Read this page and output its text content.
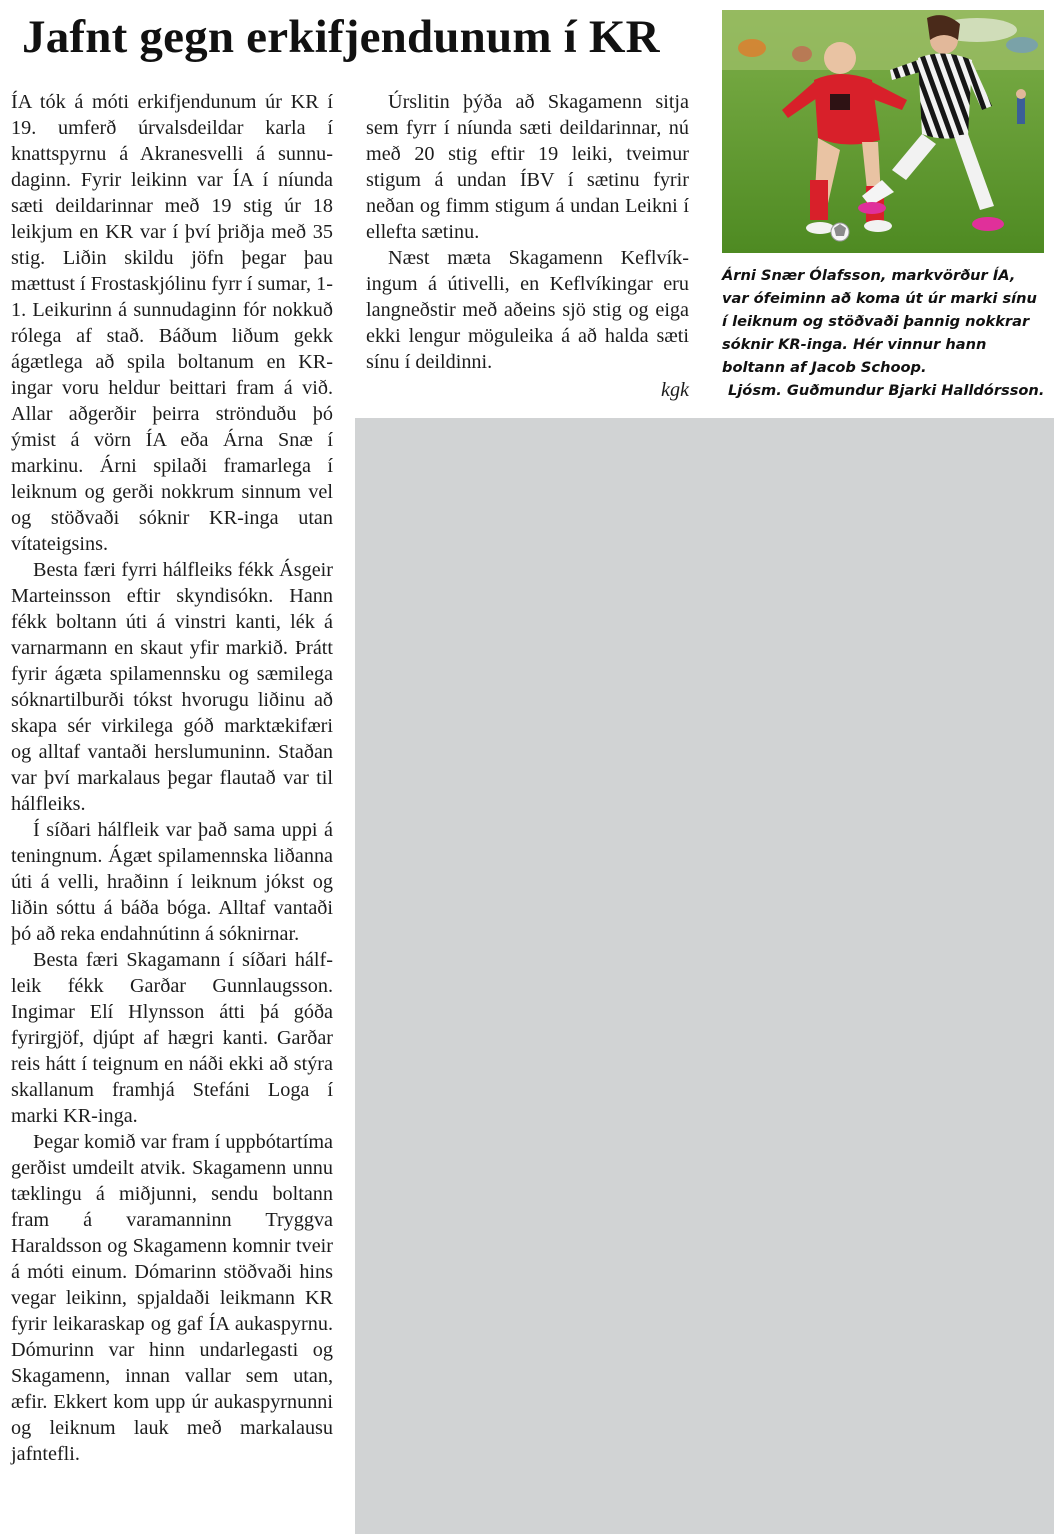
Jafnt gegn erkifjendunum í KR

ÍA tók á móti erkifjendunum úr KR í 19. umferð úrvalsdeildar karla í knattspyrnu á Akranesvelli á sunnudaginn. Fyrir leikinn var ÍA í níunda sæti deildarinnar með 19 stig úr 18 leikjum en KR var í því þriðja með 35 stig. Liðin skildu jöfn þegar þau mættust í Frostaskjólinu fyrr í sumar, 1-1. Leikurinn á sunnudaginn fór nokkuð rólega af stað. Báðum liðum gekk ágætlega að spila boltanum en KR-ingar voru heldur beittari fram á við. Allar aðgerðir þeirra strönduðu þó ýmist á vörn ÍA eða Árna Snæ í markinu. Árni spilaði framarlega í leiknum og gerði nokkrum sinnum vel og stöðvaði sóknir KR-inga utan vítateigsins.

Besta færi fyrri hálfleiks fékk Ásgeir Marteinsson eftir skyndisókn. Hann fékk boltann úti á vinstri kanti, lék á varnarmann en skaut yfir markið. Þrátt fyrir ágæta spilamennsku og sæmilega sóknartilburði tókst hvorugu liðinu að skapa sér virkilega góð marktækifæri og alltaf vantaði herslumuninn. Staðan var því markalaus þegar flautað var til hálfleiks.

Í síðari hálfleik var það sama uppi á teningnum. Ágæt spilamennska liðanna úti á velli, hraðinn í leiknum jókst og liðin sóttu á báða bóga. Alltaf vantaði þó að reka endahnútinn á sóknirnar.

Besta færi Skagamann í síðari hálfleik fékk Garðar Gunnlaugsson. Ingimar Elí Hlynsson átti þá góða fyrirgjöf, djúpt af hægri kanti. Garðar reis hátt í teignum en náði ekki að stýra skallanum framhjá Stefáni Loga í marki KR-inga.

Þegar komið var fram í uppbótartíma gerðist umdeilt atvik. Skagamenn unnu tæklingu á miðjunni, sendu boltann fram á varamanninn Tryggva Haraldsson og Skagamenn komnir tveir á móti einum. Dómarinn stöðvaði hins vegar leikinn, spjaldaði leikmann KR fyrir leikaraskap og gaf ÍA aukaspyrnu. Dómurinn var hinn undarlegasti og Skagamenn, innan vallar sem utan, æfir. Ekkert kom upp úr aukaspyrnunni og leiknum lauk með markalausu jafntefli.

Úrslitin þýða að Skagamenn sitja sem fyrr í níunda sæti deildarinnar, nú með 20 stig eftir 19 leiki, tveimur stigum á undan ÍBV í sætinu fyrir neðan og fimm stigum á undan Leikni í ellefta sætinu.

Næst mæta Skagamenn Keflvíkingum á útivelli, en Keflvíkingar eru langneðstir með aðeins sjö stig og eiga ekki lengur möguleika á að halda sæti sínu í deildinni.

kgk

Árni Snær Ólafsson, markvörður ÍA,

var ófeiminn að koma út úr marki sínu

í leiknum og stöðvaði þannig nokkrar

sóknir KR-inga. Hér vinnur hann

boltann af Jacob Schoop.

Ljósm. Guðmundur Bjarki Halldórsson.
